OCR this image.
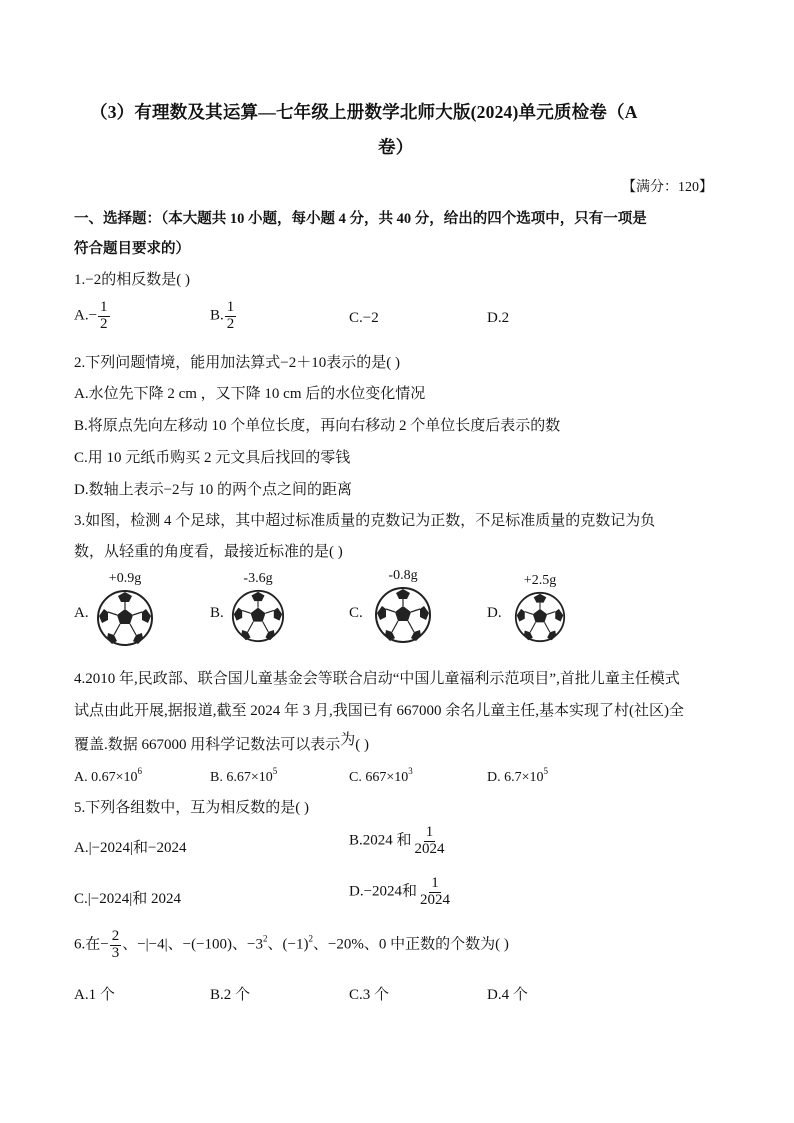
（3）有理数及其运算—七年级上册数学北师大版(2024)单元质检卷（A
卷）
【满分：120】
一、选择题：（本大题共 10 小题，每小题 4 分，共 40 分，给出的四个选项中，只有一项是
符合题目要求的）
1.−2的相反数是( )
$A.- \frac{1}{2}$	B. $\frac{1}{2}$	C.−2	D.2
2.下列问题情境，能用加法算式−2＋10表示的是( )
A.水位先下降 2 cm ，又下降 10 cm 后的水位变化情况
B.将原点先向左移动 10 个单位长度，再向右移动 2 个单位长度后表示的数
C.用 10 元纸币购买 2 元文具后找回的零钱
D.数轴上表示−2与 10 的两个点之间的距离
3.如图，检测 4 个足球，其中超过标准质量的克数记为正数，不足标准质量的克数记为负
数，从轻重的角度看，最接近标准的是( )
A.
+0.9g
B.
-3.6g
C.
-0.8g
D.
+2.5g
4.2010 年,民政部、联合国儿童基金会等联合启动“中国儿童福利示范项目”,首批儿童主任模式
试点由此开展,据报道,截至 2024 年 3 月,我国已有 667000 余名儿童主任,基本实现了村(社区)全
覆盖.数据 667000 用科学记数法可以表示为( )
A. $0.67\times 10^6$	B. $6.67\times 10^5$	C. $667\times 10^3$	D. $6.7\times 10^5$
5.下列各组数中，互为相反数的是( )
A.|−2024|和−2024	B.2024 和 $\frac{1}{2024}$
C.|−2024|和 2024	D.−2024和 $\frac{1}{2024}$
6.在− $\frac{2}{3}$ 、−|−4|、−(−100)、$-3^2$、$(-1)^2$、−20%、0 中正数的个数为( )
A.1 个	B.2 个	C.3 个	D.4 个
